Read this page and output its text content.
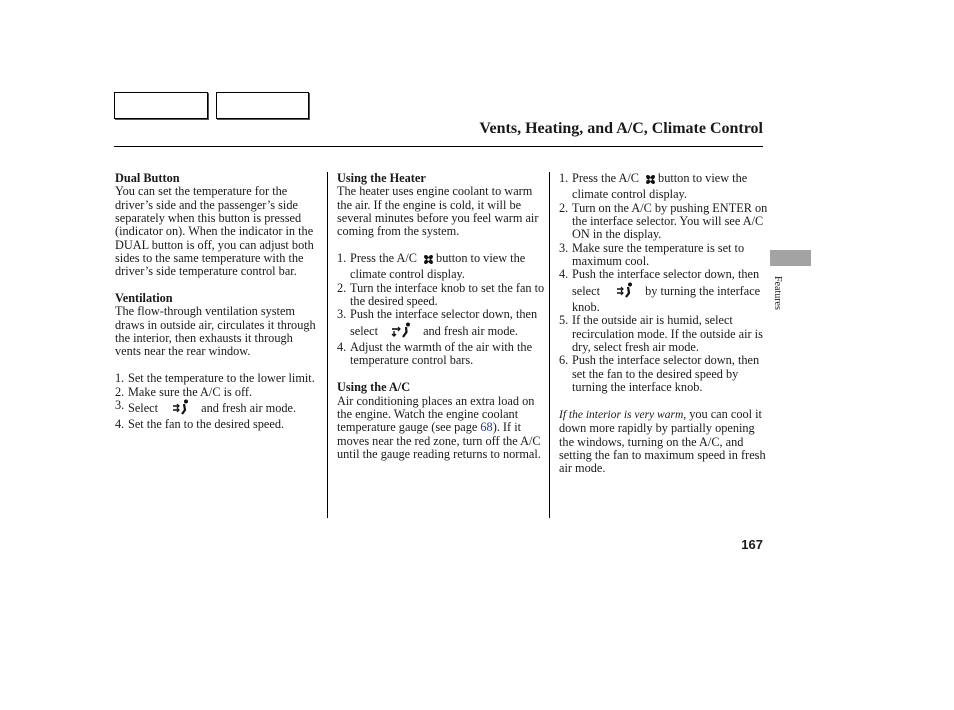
Vents, Heating, and A/C, Climate Control
Dual Button

You can set the temperature for the driver’s side and the passenger’s side separately when this button is pressed (indicator on). When the indicator in the DUAL button is off, you can adjust both sides to the same temperature with the driver’s side temperature control bar.

Ventilation

The flow-through ventilation system draws in outside air, circulates it through the interior, then exhausts it through vents near the rear window.

1. Set the temperature to the lower limit.
2. Make sure the A/C is off.
3. Select	and fresh air mode.
4. Set the fan to the desired speed.
Using the Heater

The heater uses engine coolant to warm the air. If the engine is cold, it will be several minutes before you feel warm air coming from the system.

1. Press the A/C button to view the climate control display.
2. Turn the interface knob to set the fan to the desired speed.
3. Push the interface selector down, then select	and fresh air mode.
4. Adjust the warmth of the air with the temperature control bars.
Using the A/C

Air conditioning places an extra load on the engine. Watch the engine coolant temperature gauge (see page 68). If it moves near the red zone, turn off the A/C until the gauge reading returns to normal.

1. Press the A/C button to view the climate control display.
2. Turn on the A/C by pushing ENTER on the interface selector. You will see A/C ON in the display.
3. Make sure the temperature is set to maximum cool.
4. Push the interface selector down, then select	by turning the interface knob.
5. If the outside air is humid, select recirculation mode. If the outside air is dry, select fresh air mode.
6. Push the interface selector down, then set the fan to the desired speed by turning the interface knob.

If the interior is very warm, you can cool it down more rapidly by partially opening the windows, turning on the A/C, and setting the fan to maximum speed in fresh air mode.

Features
167
